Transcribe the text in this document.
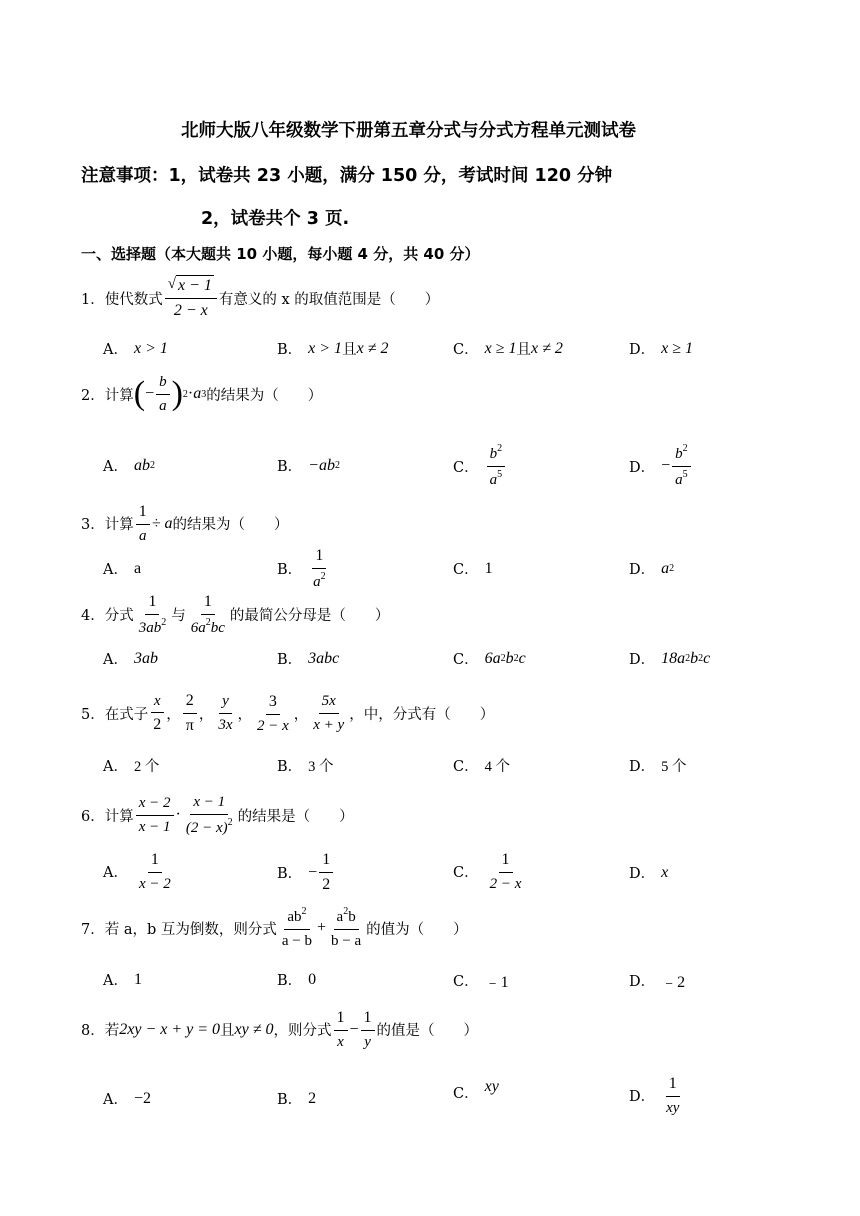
北师大版八年级数学下册第五章分式与分式方程单元测试卷
注意事项：1，试卷共 23 小题，满分 150 分，考试时间 120 分钟
2，试卷共个 3 页.
一、选择题（本大题共 10 小题，每小题 4 分，共 40 分）
1． 使代数式 $\frac{√ x - 1}{2 - x}$ 有意义的 x 的取值范围是（　　）
A． x > 1	B． x > 1 且 x ≠ 2	C． x ≥ 1 且 x ≠ 2	D． x ≥ 1
2． 计算 ( − $\frac{b}{a}$ ) 2 · a 3 的结果为（　　）
A． ab 2	B． −ab 2	C． $\frac{b^2}{a^5}$	D． − $\frac{b^2}{a^5}$
3． 计算 $\frac{1}{a} \div a$ 的结果为（　　）
A． a	B． $\frac{1}{a^2}$	C． 1	D． a 2
4． 分式 $\frac{1}{3ab^2}$ 与 $\frac{1}{6a^2bc}$ 的最简公分母是（　　）
A． 3ab	B． 3abc	C． 6a 2 b 2 c	D． 18a 2 b 2 c
5． 在式子 $\frac{x}{2}$ ， $\frac{2}{\pi}$ ， $\frac{y}{3x}$ ， $\frac{3}{2 - x}$ ， $\frac{5x}{x + y}$ ，中，分式有（　　）
A． 2 个	B． 3 个	C． 4 个	D． 5 个
6． 计算 $\frac{x - 2}{x - 1} \cdot \frac{x - 1}{(2 - x)^2}$ 的结果是（　　）
A． $\frac{1}{x - 2}$	B． − $\frac{1}{2}$	C． $\frac{1}{2 - x}$	D． x
7． 若 a，b 互为倒数，则分式 $\frac{ab^2}{a - b} + \frac{a^2b}{b - a}$ 的值为（　　）
A． 1	B． 0	C． ﹣1	D． ﹣2
8． 若 2xy − x + y = 0 且 xy ≠ 0 ，则分式 $\frac{1}{x} - \frac{1}{y}$ 的值是（　　）
A． −2	B． 2	C． xy
D． $\frac{1}{xy}$
